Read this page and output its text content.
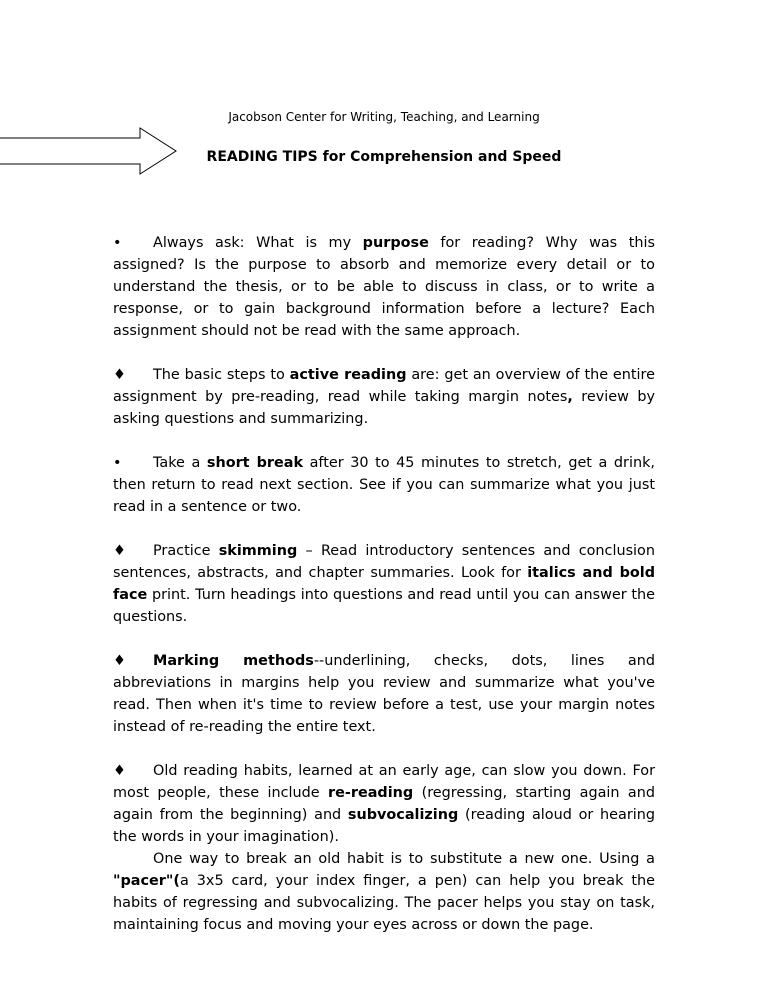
Jacobson Center for Writing, Teaching, and Learning
READING TIPS for Comprehension and Speed

• Always ask: What is my purpose for reading? Why was this assigned? Is the purpose to absorb and memorize every detail or to understand the thesis, or to be able to discuss in class, or to write a response, or to gain background information before a lecture? Each assignment should not be read with the same approach.

♦ The basic steps to active reading are: get an overview of the entire assignment by pre-reading, read while taking margin notes, review by asking questions and summarizing.

• Take a short break after 30 to 45 minutes to stretch, get a drink, then return to read next section. See if you can summarize what you just read in a sentence or two.

♦ Practice skimming – Read introductory sentences and conclusion sentences, abstracts, and chapter summaries. Look for italics and bold face print. Turn headings into questions and read until you can answer the questions.

♦ Marking methods--underlining, checks, dots, lines and abbreviations in margins help you review and summarize what you've read. Then when it's time to review before a test, use your margin notes instead of re-reading the entire text.

♦ Old reading habits, learned at an early age, can slow you down. For most people, these include re-reading (regressing, starting again and again from the beginning) and subvocalizing (reading aloud or hearing the words in your imagination).

One way to break an old habit is to substitute a new one. Using a "pacer"(a 3x5 card, your index finger, a pen) can help you break the habits of regressing and subvocalizing. The pacer helps you stay on task, maintaining focus and moving your eyes across or down the page.
